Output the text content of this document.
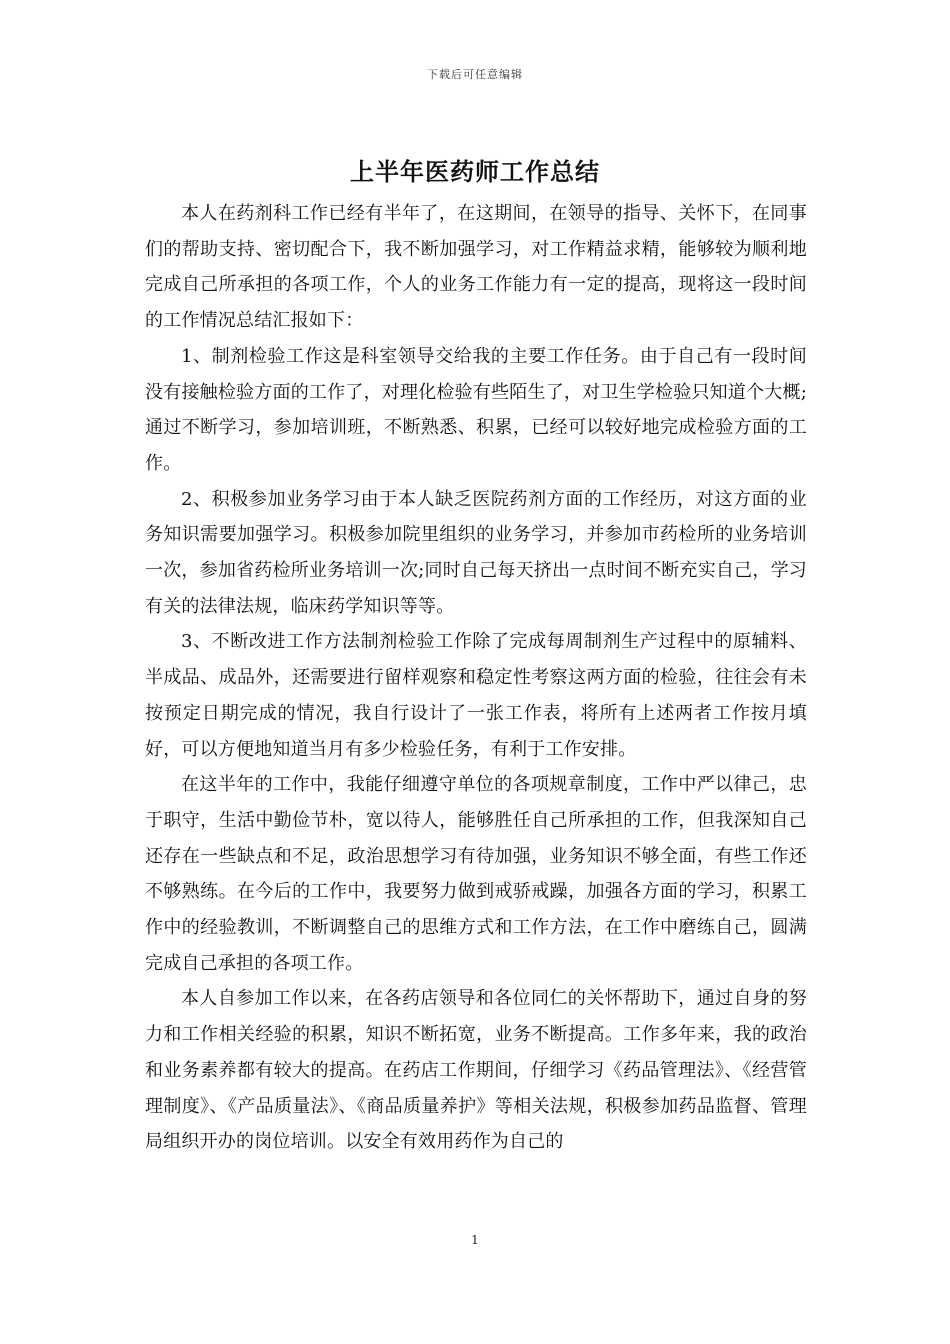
下载后可任意编辑
上半年医药师工作总结

本人在药剂科工作已经有半年了，在这期间，在领导的指导、关怀下，在同事们的帮助支持、密切配合下，我不断加强学习，对工作精益求精，能够较为顺利地完成自己所承担的各项工作，个人的业务工作能力有一定的提高，现将这一段时间的工作情况总结汇报如下：

1、制剂检验工作这是科室领导交给我的主要工作任务。由于自己有一段时间没有接触检验方面的工作了，对理化检验有些陌生了，对卫生学检验只知道个大概;通过不断学习，参加培训班，不断熟悉、积累，已经可以较好地完成检验方面的工作。

2、积极参加业务学习由于本人缺乏医院药剂方面的工作经历，对这方面的业务知识需要加强学习。积极参加院里组织的业务学习，并参加市药检所的业务培训一次，参加省药检所业务培训一次;同时自己每天挤出一点时间不断充实自己，学习有关的法律法规，临床药学知识等等。

3、不断改进工作方法制剂检验工作除了完成每周制剂生产过程中的原辅料、半成品、成品外，还需要进行留样观察和稳定性考察这两方面的检验，往往会有未按预定日期完成的情况，我自行设计了一张工作表，将所有上述两者工作按月填好，可以方便地知道当月有多少检验任务，有利于工作安排。

在这半年的工作中，我能仔细遵守单位的各项规章制度，工作中严以律己，忠于职守，生活中勤俭节朴，宽以待人，能够胜任自己所承担的工作，但我深知自己还存在一些缺点和不足，政治思想学习有待加强，业务知识不够全面，有些工作还不够熟练。在今后的工作中，我要努力做到戒骄戒躁，加强各方面的学习，积累工作中的经验教训，不断调整自己的思维方式和工作方法，在工作中磨练自己，圆满完成自己承担的各项工作。

本人自参加工作以来，在各药店领导和各位同仁的关怀帮助下，通过自身的努力和工作相关经验的积累，知识不断拓宽，业务不断提高。工作多年来，我的政治和业务素养都有较大的提高。在药店工作期间，仔细学习《药品管理法》、《经营管理制度》、《产品质量法》、《商品质量养护》等相关法规，积极参加药品监督、管理局组织开办的岗位培训。以安全有效用药作为自己的

1
